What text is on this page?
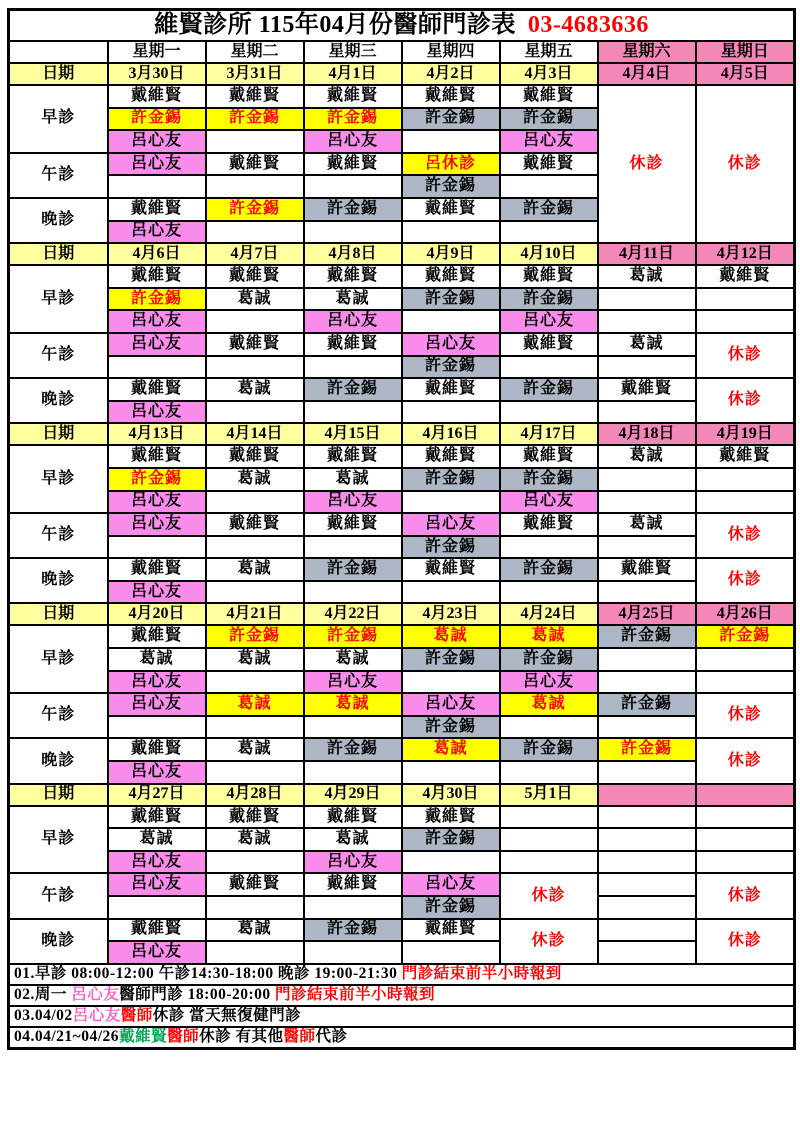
維賢診所 115年04月份醫師門診表 03-4683636							
	星期一	星期二	星期三	星期四	星期五	星期六	星期日
日期	3月30日	3月31日	4月1日	4月2日	4月3日	4月4日	4月5日
早診	戴維賢	戴維賢	戴維賢	戴維賢	戴維賢	休診	休診
	許金錫	許金錫	許金錫	許金錫	許金錫		
	呂心友		呂心友		呂心友		
午診	呂心友	戴維賢	戴維賢	呂休診	戴維賢		
				許金錫			
晚診	戴維賢	許金錫	許金錫	戴維賢	許金錫		
	呂心友						
日期	4月6日	4月7日	4月8日	4月9日	4月10日	4月11日	4月12日
早診	戴維賢	戴維賢	戴維賢	戴維賢	戴維賢	葛誠	戴維賢
	許金錫	葛誠	葛誠	許金錫	許金錫		
	呂心友		呂心友		呂心友		
午診	呂心友	戴維賢	戴維賢	呂心友	戴維賢	葛誠	休診
				許金錫			
晚診	戴維賢	葛誠	許金錫	戴維賢	許金錫	戴維賢	休診
	呂心友						
日期	4月13日	4月14日	4月15日	4月16日	4月17日	4月18日	4月19日
早診	戴維賢	戴維賢	戴維賢	戴維賢	戴維賢	葛誠	戴維賢
	許金錫	葛誠	葛誠	許金錫	許金錫		
	呂心友		呂心友		呂心友		
午診	呂心友	戴維賢	戴維賢	呂心友	戴維賢	葛誠	休診
				許金錫			
晚診	戴維賢	葛誠	許金錫	戴維賢	許金錫	戴維賢	休診
	呂心友						
日期	4月20日	4月21日	4月22日	4月23日	4月24日	4月25日	4月26日
早診	戴維賢	許金錫	許金錫	葛誠	葛誠	許金錫	許金錫
	葛誠	葛誠	葛誠	許金錫	許金錫		
	呂心友		呂心友		呂心友		
午診	呂心友	葛誠	葛誠	呂心友	葛誠	許金錫	休診
				許金錫			
晚診	戴維賢	葛誠	許金錫	葛誠	許金錫	許金錫	休診
	呂心友						
日期	4月27日	4月28日	4月29日	4月30日	5月1日		
早診	戴維賢	戴維賢	戴維賢	戴維賢			
	葛誠	葛誠	葛誠	許金錫			
	呂心友		呂心友				
午診	呂心友	戴維賢	戴維賢	呂心友	休診		休診
				許金錫			
晚診	戴維賢	葛誠	許金錫	戴維賢	休診		休診
	呂心友						
01.早診 08:00-12:00 午診14:30-18:00 晚診 19:00-21:30 門診結束前半小時報到							
02.周一 呂心友醫師門診 18:00-20:00 門診結束前半小時報到							
03.04/02呂心友醫師休診 當天無復健門診							
04.04/21~04/26戴維賢醫師休診 有其他醫師代診							
